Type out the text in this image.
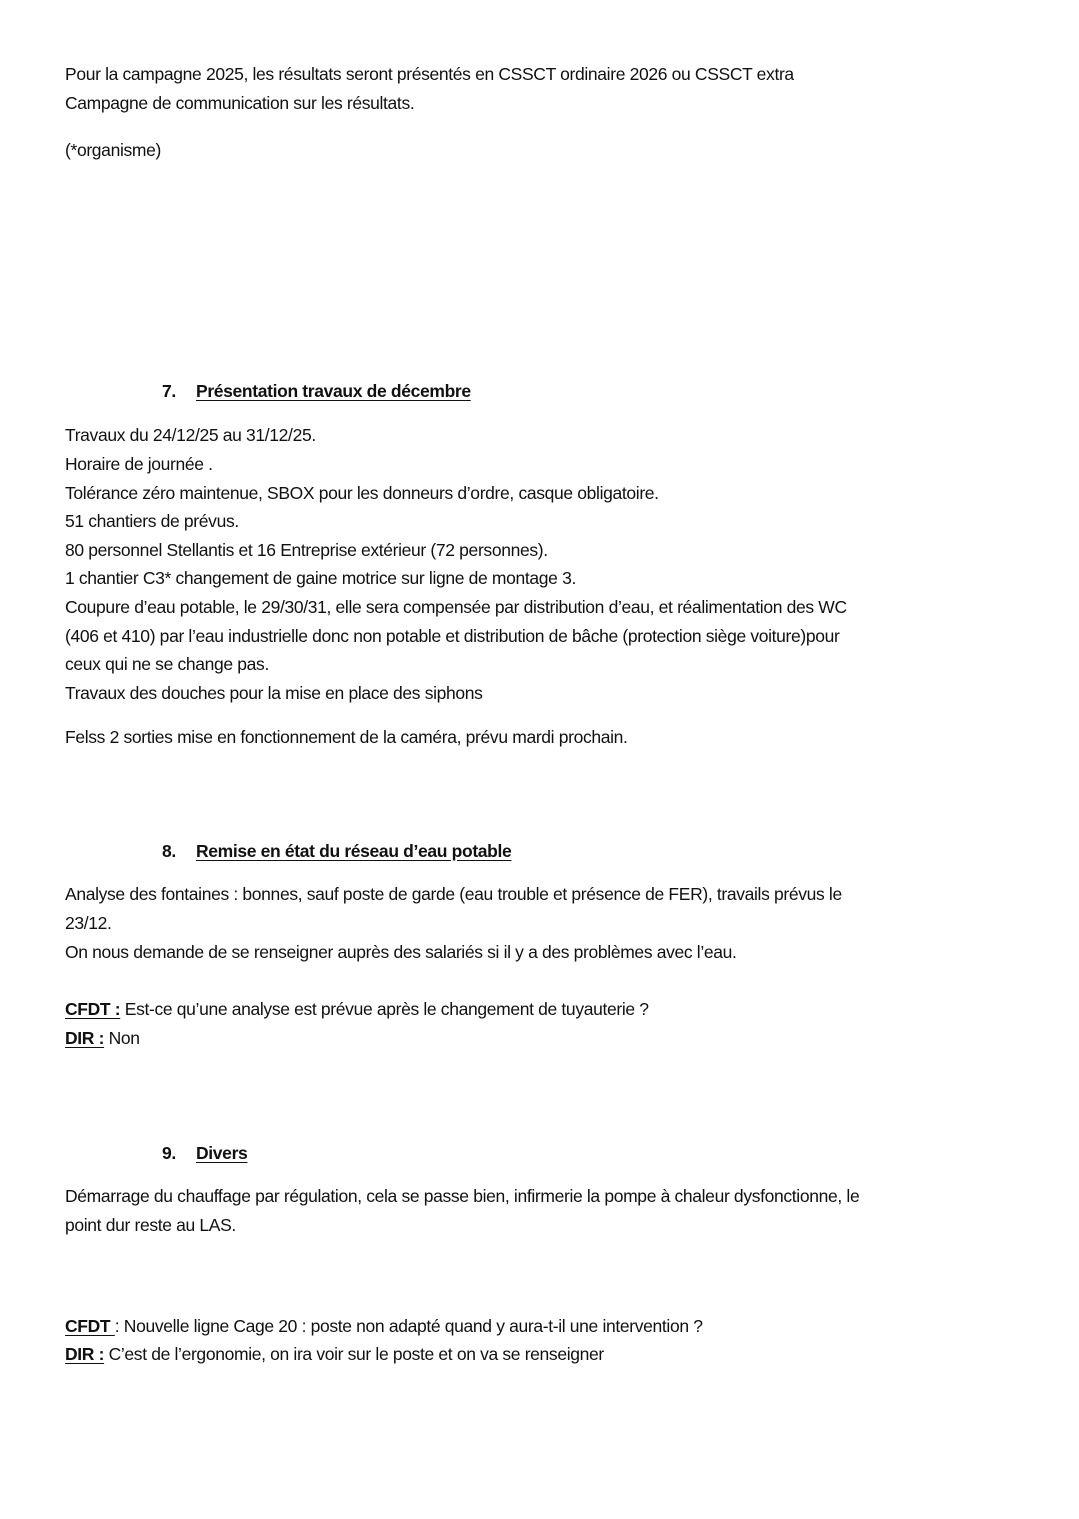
Pour la campagne 2025, les résultats seront présentés en CSSCT ordinaire 2026 ou CSSCT extra
Campagne de communication sur les résultats.
(*organisme)
7. Présentation travaux de décembre
Travaux du 24/12/25 au 31/12/25.
Horaire de journée .
Tolérance zéro maintenue, SBOX pour les donneurs d’ordre, casque obligatoire.
51 chantiers de prévus.
80 personnel Stellantis et 16 Entreprise extérieur (72 personnes).
1 chantier C3* changement de gaine motrice sur ligne de montage 3.
Coupure d’eau potable, le 29/30/31, elle sera compensée par distribution d’eau, et réalimentation des WC
(406 et 410) par l’eau industrielle donc non potable et distribution de bâche (protection siège voiture)pour
ceux qui ne se change pas.
Travaux des douches pour la mise en place des siphons
Felss 2 sorties mise en fonctionnement de la caméra, prévu mardi prochain.
8. Remise en état du réseau d’eau potable
Analyse des fontaines : bonnes, sauf poste de garde (eau trouble et présence de FER), travails prévus le
23/12.
On nous demande de se renseigner auprès des salariés si il y a des problèmes avec l’eau.
CFDT : Est-ce qu’une analyse est prévue après le changement de tuyauterie ?
DIR : Non
9. Divers
Démarrage du chauffage par régulation, cela se passe bien, infirmerie la pompe à chaleur dysfonctionne, le
point dur reste au LAS.
CFDT : Nouvelle ligne Cage 20 : poste non adapté quand y aura-t-il une intervention ?
DIR : C’est de l’ergonomie, on ira voir sur le poste et on va se renseigner
